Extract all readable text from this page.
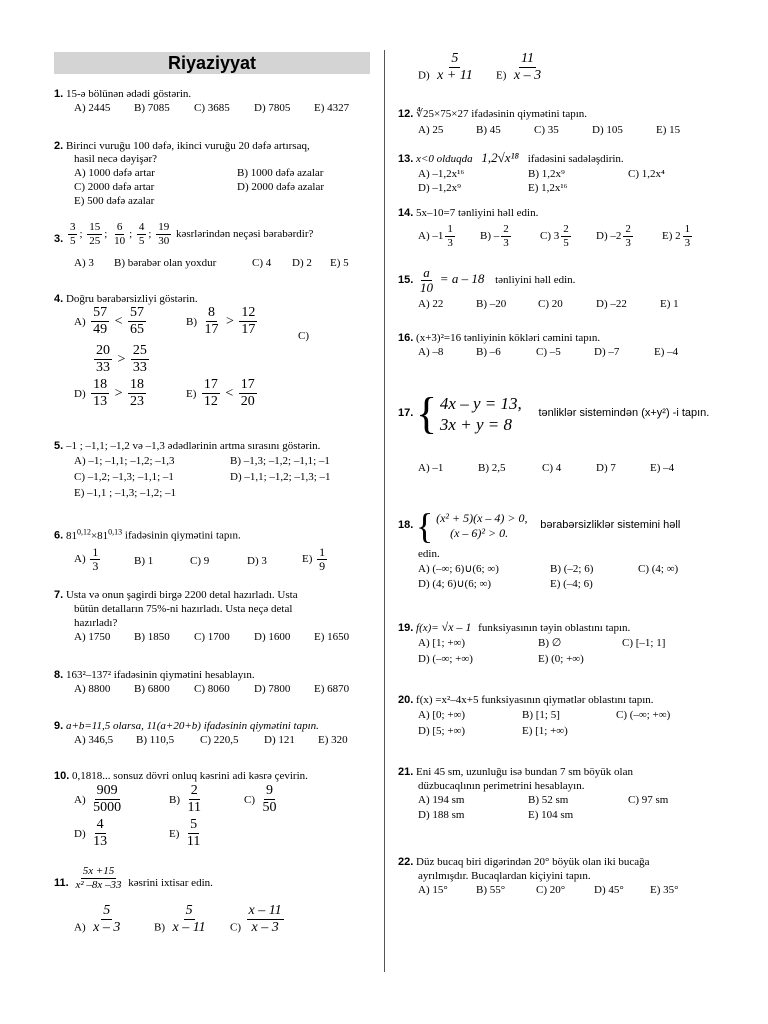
Riyaziyyat
1. 15-ə bölünən ədədi göstərin.
A) 2445 B) 7085 C) 3685 D) 7805 E) 4327
2. Birinci vuruğu 100 dəfə, ikinci vuruğu 20 dəfə artırsaq,
hasil necə dəyişər?
A) 1000 dəfə artar	B) 1000 dəfə azalar
C) 2000 dəfə artar	D) 2000 dəfə azalar
E) 500 dəfə azalar
3. $\frac{3}{5}$ ; $\frac{15}{25}$ ; $\frac{6}{10}$ ; $\frac{4}{5}$ ; $\frac{19}{30}$ kəsrlərindən neçəsi bərabərdir?
A) 3 B) bərabər olan yoxdur	C) 4 D) 2 E) 5
4. Doğru bərabərsizliyi göstərin.
$A) \frac{57}{49} < \frac{57}{65}$	$B) \frac{8}{17} > \frac{12}{17}$	C)
$\frac{20}{33} > \frac{25}{33}$
$D) \frac{18}{13} > \frac{18}{23}$	$E) \frac{17}{12} < \frac{17}{20}$
5. –1 ; –1,1; –1,2 və –1,3 ədədlərinin artma sırasını göstərin.
A) –1; –1,1; –1,2; –1,3	B) –1,3; –1,2; –1,1; –1
C) –1,2; –1,3; –1,1; –1	D) –1,1; –1,2; –1,3; –1
E) –1,1 ; –1,3; –1,2; –1
6. $81^{0,12}\times 81^{0,13}$ ifadəsinin qiymətini tapın.
$A) \frac{1}{3}$	B) 1	C) 9	D) 3	$E) \frac{1}{9}$
7. Usta və onun şagirdi birgə 2200 detal hazırladı. Usta
bütün detalların 75%-ni hazırladı. Usta neçə detal
hazırladı?
A) 1750 B) 1850 C) 1700 D) 1600 E) 1650
8. 163²–137² ifadəsinin qiymətini hesablayın.
A) 8800 B) 6800 C) 8060 D) 7800 E) 6870
9. a+b=11,5 olarsa, 11(a+20+b) ifadəsinin qiymətini tapın.
A) 346,5 B) 110,5 C) 220,5 D) 121 E) 320
10. 0,1818... sonsuz dövri onluq kəsrini adi kəsrə çevirin.
$A) \frac{909}{5000}$	$B) \frac{2}{11}$	$C) \frac{9}{50}$
$D) \frac{4}{13}$	$E) \frac{5}{11}$
11. $\frac{5x +15}{\text{x² –8x –33}}$ kəsrini ixtisar edin.
$A) \frac{5}{x - 3}$	$B) \frac{5}{x - 11} C) \frac{x - 11}{x - 3}$
$D) \frac{5}{x + 11} E) \frac{11}{x - 3}$
12. ∜25×75×27 ifadəsinin qiymətini tapın.
A) 25	B) 45	C) 35	D) 105	E) 15
13. x<0 olduqda 1,2√x¹⁸ ifadəsini sadələşdirin.
A) –1,2x¹⁶	B) 1,2x⁹	C) 1,2x⁴
D) –1,2x⁹	E) 1,2x¹⁶
14. 5x–10=7 tənliyini həll edin.
A) $-1 \frac{1}{3} B) - \frac{2}{3}$	C) $3 \frac{2}{5} D$) $-2 \frac{2}{3}$	E) $2 \frac{1}{3}$
15. $\frac{a}{10} = a - 18$ tənliyini həll edin.
A) 22	B) –20	C) 20	D) –22	E) 1
16. (x+3)²=16 tənliyinin kökləri cəmini tapın.
A) –8	B) –6	C) –5	D) –7	E) –4
17. { 4x – y = 13,
3x + y = 8
tənliklər sistemindən (x+y²) -i tapın.
A) –1	B) 2,5	C) 4	D) 7	E) –4
18. { (x² + 5)(x – 4) > 0,
(x – 6)² > 0.
bərabərsizliklər sistemini həll
edin.
A) (–∞; 6)∪(6; ∞)	B) (–2; 6)	C) (4; ∞)
D) (4; 6)∪(6; ∞)	E) (–4; 6)
19. f(x)= √x – 1 funksiyasının təyin oblastını tapın.
A) [1; +∞)	B) ∅	C) [–1; 1]
D) (–∞; +∞)	E) (0; +∞)
20. f(x) =x²–4x+5 funksiyasının qiymətlər oblastını tapın.
A) [0; +∞)	B) [1; 5]	C) (–∞; +∞)
D) [5; +∞)	E) [1; +∞)
21. Eni 45 sm, uzunluğu isə bundan 7 sm böyük olan
düzbucaqlının perimetrini hesablayın.
A) 194 sm	B) 52 sm	C) 97 sm
D) 188 sm	E) 104 sm
22. Düz bucaq biri digərindən 20° böyük olan iki bucağa
ayrılmışdır. Bucaqlardan kiçiyini tapın.
A) 15°	B) 55°	C) 20°	D) 45° E) 35°
